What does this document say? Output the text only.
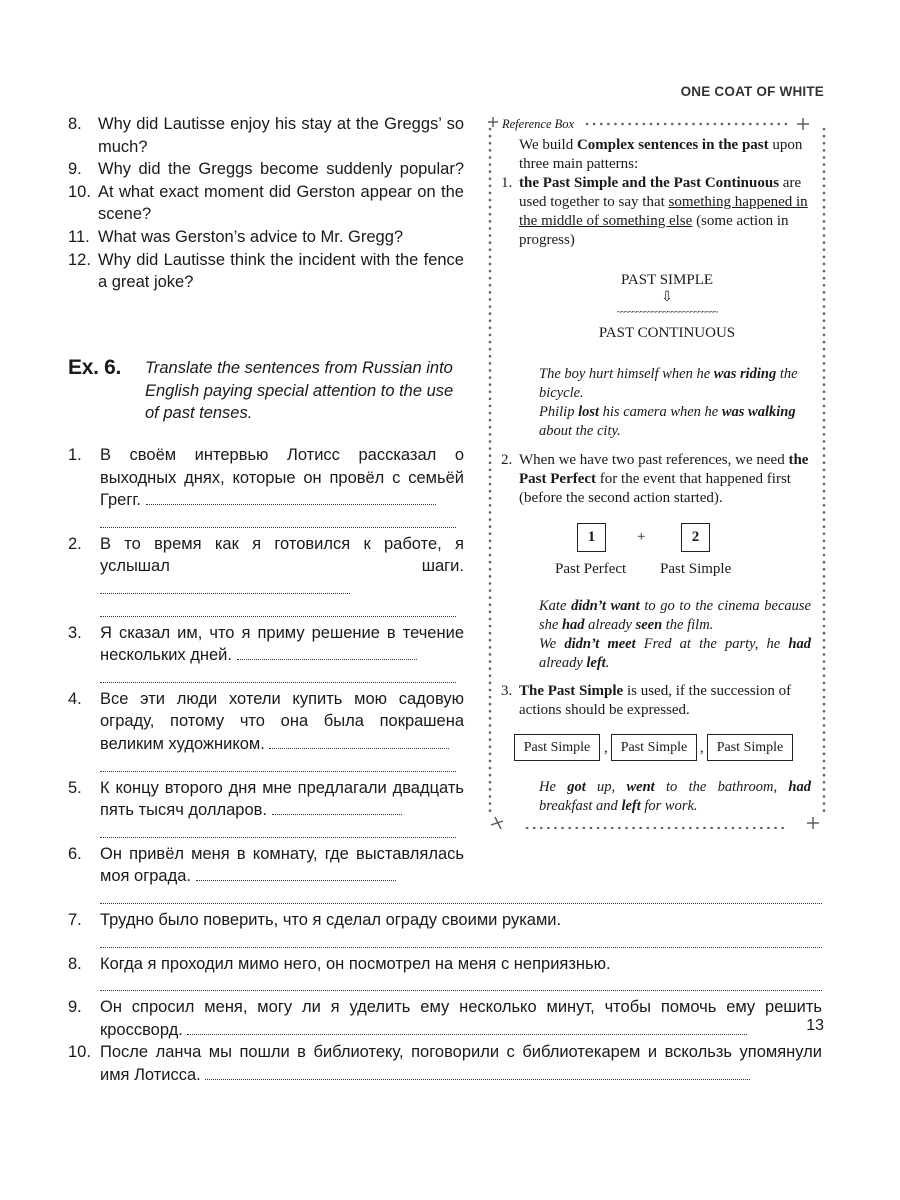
ONE COAT OF WHITE
8. Why did Lautisse enjoy his stay at the Greggs’ so much?
9. Why did the Greggs become suddenly popular?
10. At what exact moment did Gerston appear on the scene?
11. What was Gerston’s advice to Mr. Gregg?
12. Why did Lautisse think the incident with the fence a great joke?
Ex. 6. Translate the sentences from Russian into English paying special attention to the use of past tenses.
1.	В своём интервью Лотисс рассказал о выходных днях, которые он провёл с семьёй Грегг.
2.	В то время как я готовился к работе, я услышал шаги.
3.	Я сказал им, что я приму решение в течение нескольких дней.
4.	Все эти люди хотели купить мою садовую ограду, потому что она была покрашена великим художником.
5.	К концу второго дня мне предлагали двадцать пять тысяч долларов.
6.	Он привёл меня в комнату, где выставлялась моя ограда.
7.	Трудно было поверить, что я сделал ограду своими руками.
8.	Когда я проходил мимо него, он посмотрел на меня с неприязнью.
9.	Он спросил меня, могу ли я уделить ему несколько минут, чтобы помочь ему решить кроссворд.
10. После ланча мы пошли в библиотеку, поговорили с библиотекарем и вскользь упомянули имя Лотисса.
Reference Box
We build Complex sentences in the past upon three main patterns:
1. the Past Simple and the Past Continuous are used together to say that something happened in the middle of something else (some action in progress)
PAST SIMPLE
⇩
~~~~~~~~~~~~~~~~~~~~~~~~~~
PAST CONTINUOUS
The boy hurt himself when he was riding the bicycle.
Philip lost his camera when he was walking about the city.
2. When we have two past references, we need the Past Perfect for the event that happened first (before the second action started).
1	+	2
Past Perfect Past Simple
Kate didn’t want to go to the cinema because she had already seen the film.
We didn’t meet Fred at the party, he had already left.
3. The Past Simple is used, if the succession of actions should be expressed.
Past Simple , Past Simple , Past Simple
He got up, went to the bathroom, had breakfast and left for work.
13
